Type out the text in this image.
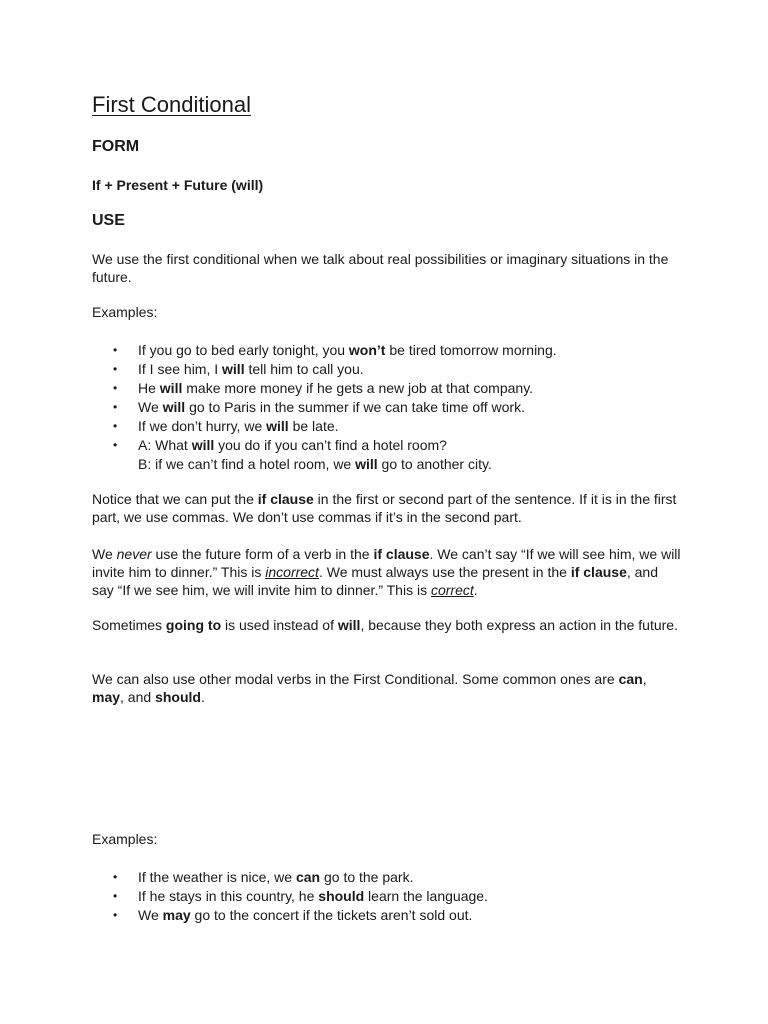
First Conditional
FORM

If + Present + Future (will)

USE

We use the first conditional when we talk about real possibilities or imaginary situations in the future.

Examples:

• If you go to bed early tonight, you won’t be tired tomorrow morning.
• If I see him, I will tell him to call you.
• He will make more money if he gets a new job at that company.
• We will go to Paris in the summer if we can take time off work.
• If we don’t hurry, we will be late.
• A: What will you do if you can’t find a hotel room?
B: if we can’t find a hotel room, we will go to another city.

Notice that we can put the if clause in the first or second part of the sentence. If it is in the first part, we use commas. We don’t use commas if it’s in the second part.

We never use the future form of a verb in the if clause. We can’t say “If we will see him, we will invite him to dinner.” This is incorrect. We must always use the present in the if clause, and say “If we see him, we will invite him to dinner.” This is correct.

Sometimes going to is used instead of will, because they both express an action in the future.

We can also use other modal verbs in the First Conditional. Some common ones are can, may, and should.

Examples:

• If the weather is nice, we can go to the park.
• If he stays in this country, he should learn the language.
• We may go to the concert if the tickets aren’t sold out.
